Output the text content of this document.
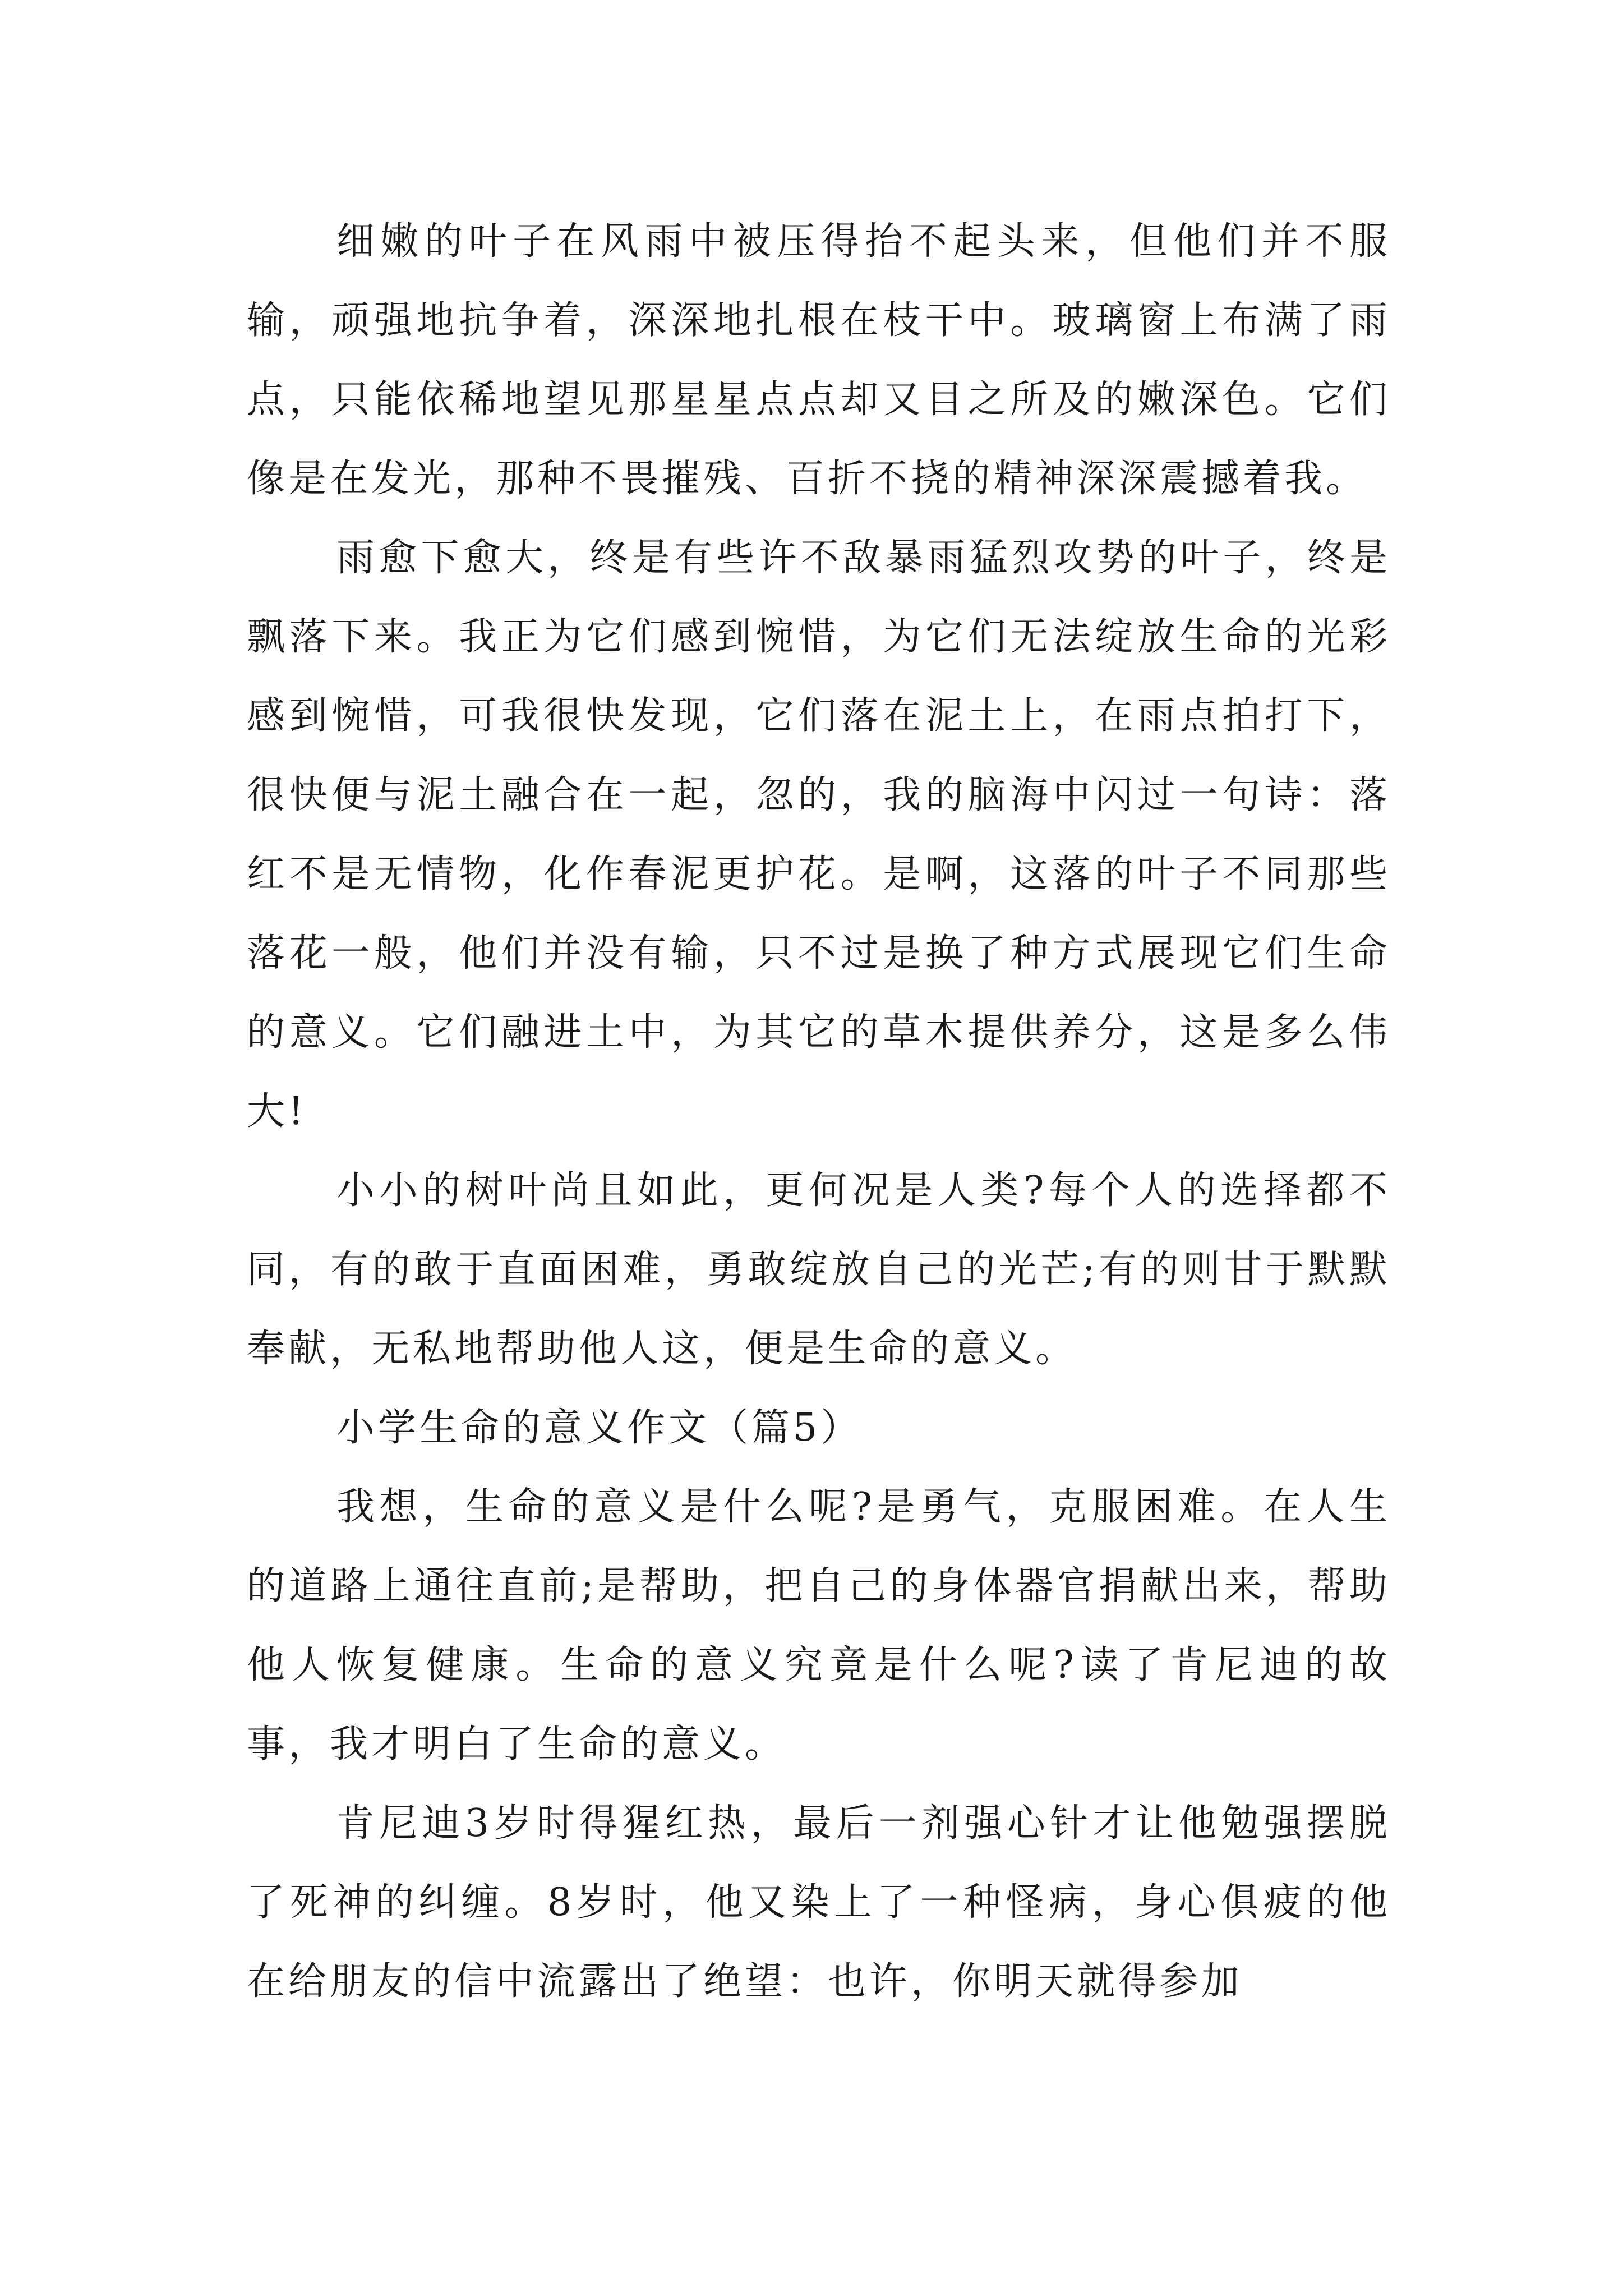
细嫩的叶子在风雨中被压得抬不起头来，但他们并不服输，顽强地抗争着，深深地扎根在枝干中。玻璃窗上布满了雨点，只能依稀地望见那星星点点却又目之所及的嫩深色。它们像是在发光，那种不畏摧残、百折不挠的精神深深震撼着我。

雨愈下愈大，终是有些许不敌暴雨猛烈攻势的叶子，终是飘落下来。我正为它们感到惋惜，为它们无法绽放生命的光彩感到惋惜，可我很快发现，它们落在泥土上，在雨点拍打下，很快便与泥土融合在一起，忽的，我的脑海中闪过一句诗：落红不是无情物，化作春泥更护花。是啊，这落的叶子不同那些落花一般，他们并没有输，只不过是换了种方式展现它们生命的意义。它们融进土中，为其它的草木提供养分，这是多么伟大!

小小的树叶尚且如此，更何况是人类?每个人的选择都不同，有的敢于直面困难，勇敢绽放自己的光芒;有的则甘于默默奉献，无私地帮助他人这，便是生命的意义。

小学生命的意义作文（篇5）

我想，生命的意义是什么呢?是勇气，克服困难。在人生的道路上通往直前;是帮助，把自己的身体器官捐献出来，帮助他人恢复健康。生命的意义究竟是什么呢?读了肯尼迪的故事，我才明白了生命的意义。

肯尼迪3岁时得猩红热，最后一剂强心针才让他勉强摆脱了死神的纠缠。8岁时，他又染上了一种怪病，身心俱疲的他在给朋友的信中流露出了绝望：也许，你明天就得参加
